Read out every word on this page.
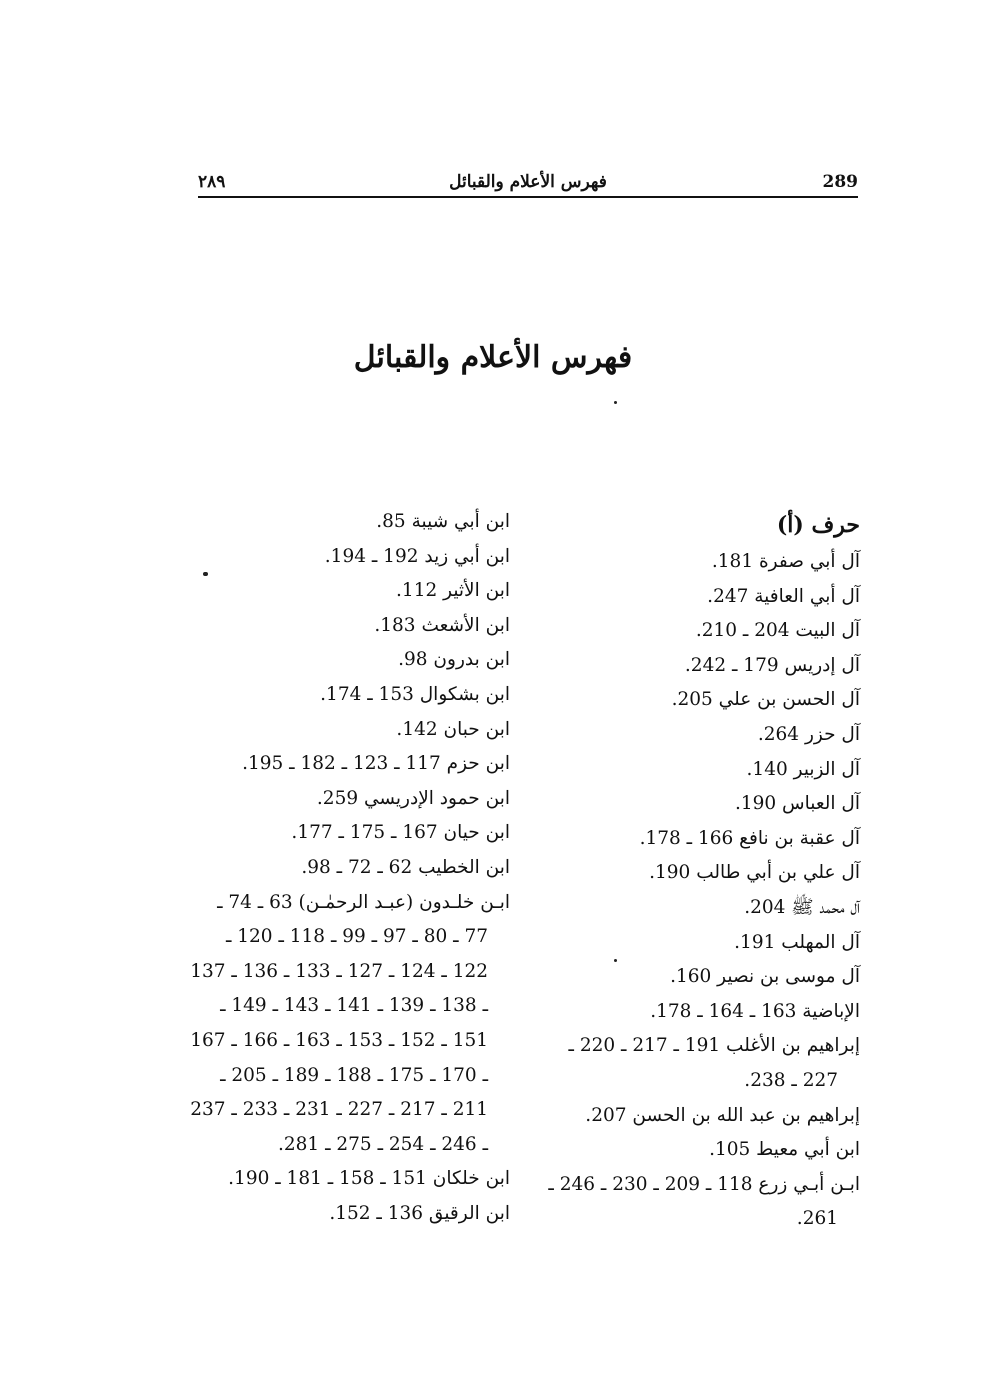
٢٨٩	فهرس الأعلام والقبائل	289
فهرس الأعلام والقبائل
حرف (أ)
آل أبي صفرة 181.
آل أبي العافية 247.
آل البيت 204 ـ 210.
آل إدريس 179 ـ 242.
آل الحسن بن علي 205.
آل حزر 264.
آل الزبير 140.
آل العباس 190.
آل عقبة بن نافع 166 ـ 178.
آل علي بن أبي طالب 190.
آل محمد ﷺ 204.
آل المهلب 191.
آل موسى بن نصير 160.
الإباضية 163 ـ 164 ـ 178.
إبراهيم بن الأغلب 191 ـ 217 ـ 220 ـ
227 ـ 238.
إبراهيم بن عبد الله بن الحسن 207.
ابن أبي معيط 105.
ابـن أبـي زرع 118 ـ 209 ـ 230 ـ 246 ـ
261.
ابن أبي شيبة 85.
ابن أبي زيد 192 ـ 194.
ابن الأثير 112.
ابن الأشعث 183.
ابن بدرون 98.
ابن بشكوال 153 ـ 174.
ابن حبان 142.
ابن حزم 117 ـ 123 ـ 182 ـ 195.
ابن حمود الإدريسي 259.
ابن حيان 167 ـ 175 ـ 177.
ابن الخطيب 62 ـ 72 ـ 98.
ابـن خلـدون (عبـد الرحمٰـن) 63 ـ 74 ـ
77 ـ 80 ـ 97 ـ 99 ـ 118 ـ 120 ـ
122 ـ 124 ـ 127 ـ 133 ـ 136 ـ 137
ـ 138 ـ 139 ـ 141 ـ 143 ـ 149 ـ
151 ـ 152 ـ 153 ـ 163 ـ 166 ـ 167
ـ 170 ـ 175 ـ 188 ـ 189 ـ 205 ـ
211 ـ 217 ـ 227 ـ 231 ـ 233 ـ 237
ـ 246 ـ 254 ـ 275 ـ 281.
ابن خلكان 151 ـ 158 ـ 181 ـ 190.
ابن الرقيق 136 ـ 152.
